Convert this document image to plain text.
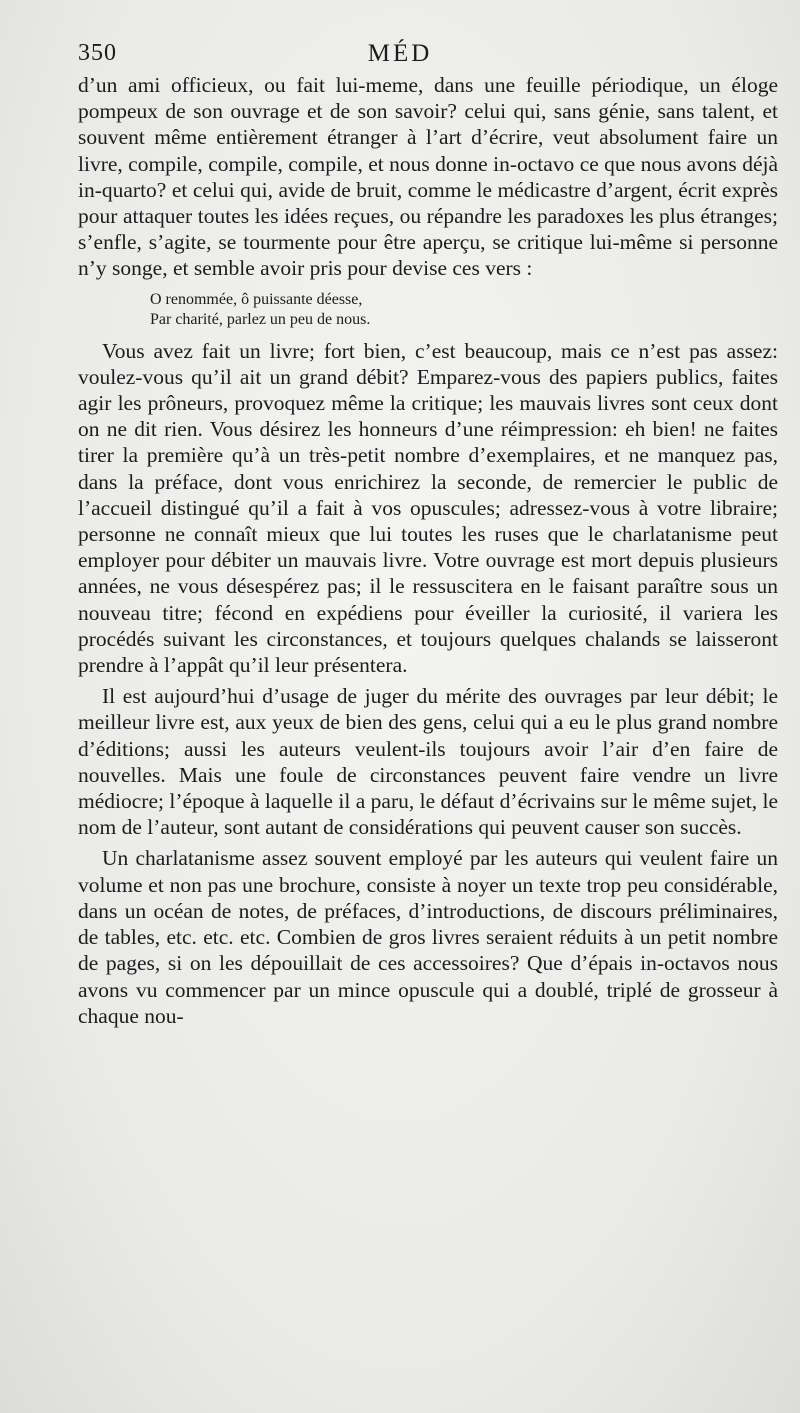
350	MÉD

d’un ami officieux, ou fait lui-meme, dans une feuille périodique, un éloge pompeux de son ouvrage et de son savoir? celui qui, sans génie, sans talent, et souvent même entièrement étranger à l’art d’écrire, veut absolument faire un livre, compile, compile, compile, et nous donne in-octavo ce que nous avons déjà in-quarto? et celui qui, avide de bruit, comme le médicastre d’argent, écrit exprès pour attaquer toutes les idées reçues, ou répandre les paradoxes les plus étranges; s’enfle, s’agite, se tourmente pour être aperçu, se critique lui-même si personne n’y songe, et semble avoir pris pour devise ces vers :

O renommée, ô puissante déesse,
Par charité, parlez un peu de nous.

Vous avez fait un livre; fort bien, c’est beaucoup, mais ce n’est pas assez: voulez-vous qu’il ait un grand débit? Emparez-vous des papiers publics, faites agir les prôneurs, provoquez même la critique; les mauvais livres sont ceux dont on ne dit rien. Vous désirez les honneurs d’une réimpression: eh bien! ne faites tirer la première qu’à un très-petit nombre d’exemplaires, et ne manquez pas, dans la préface, dont vous enrichirez la seconde, de remercier le public de l’accueil distingué qu’il a fait à vos opuscules; adressez-vous à votre libraire; personne ne connaît mieux que lui toutes les ruses que le charlatanisme peut employer pour débiter un mauvais livre. Votre ouvrage est mort depuis plusieurs années, ne vous désespérez pas; il le ressuscitera en le faisant paraître sous un nouveau titre; fécond en expédiens pour éveiller la curiosité, il variera les procédés suivant les circonstances, et toujours quelques chalands se laisseront prendre à l’appât qu’il leur présentera.

Il est aujourd’hui d’usage de juger du mérite des ouvrages par leur débit; le meilleur livre est, aux yeux de bien des gens, celui qui a eu le plus grand nombre d’éditions; aussi les auteurs veulent-ils toujours avoir l’air d’en faire de nouvelles. Mais une foule de circonstances peuvent faire vendre un livre médiocre; l’époque à laquelle il a paru, le défaut d’écrivains sur le même sujet, le nom de l’auteur, sont autant de considérations qui peuvent causer son succès.

Un charlatanisme assez souvent employé par les auteurs qui veulent faire un volume et non pas une brochure, consiste à noyer un texte trop peu considérable, dans un océan de notes, de préfaces, d’introductions, de discours préliminaires, de tables, etc. etc. etc. Combien de gros livres seraient réduits à un petit nombre de pages, si on les dépouillait de ces accessoires? Que d’épais in-octavos nous avons vu commencer par un mince opuscule qui a doublé, triplé de grosseur à chaque nou-
